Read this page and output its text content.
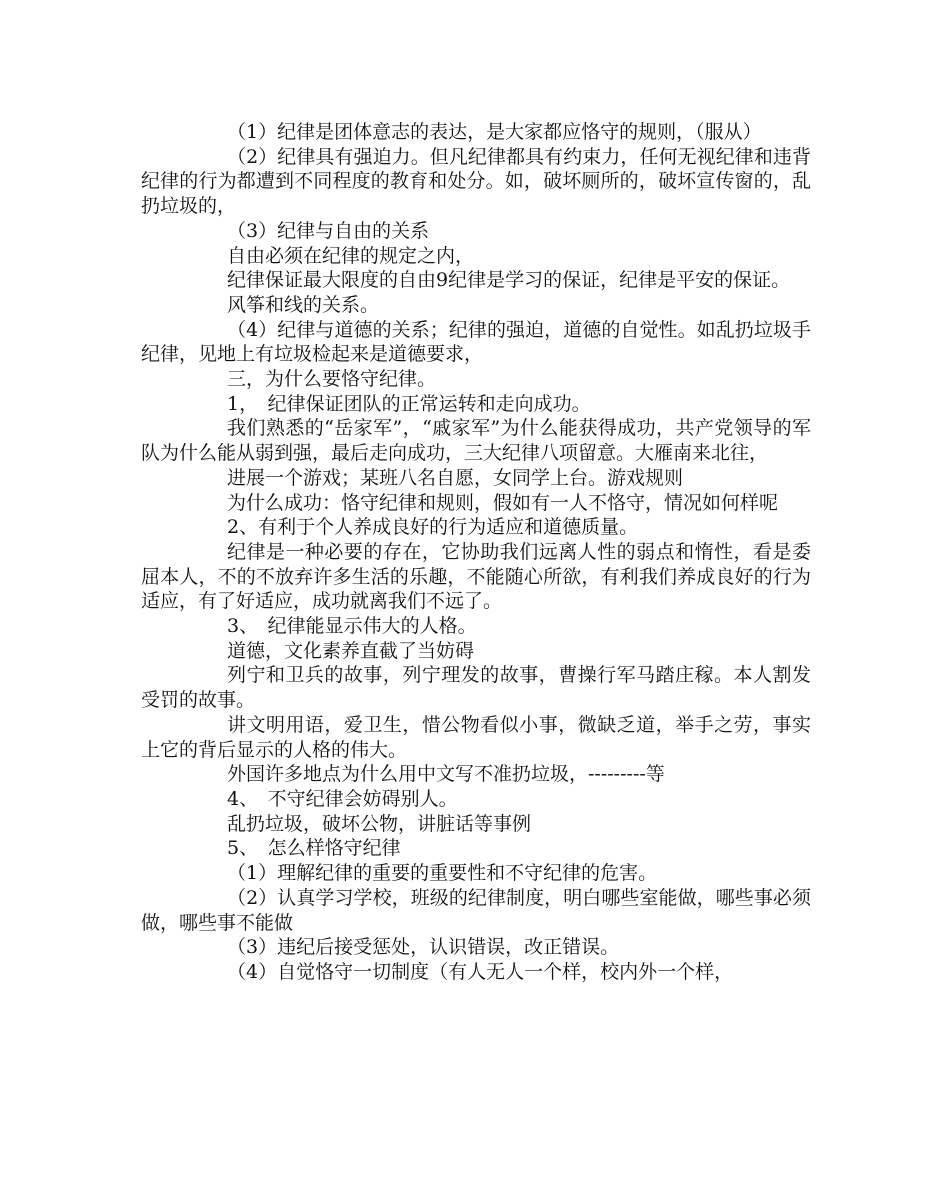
（1）纪律是团体意志的表达，是大家都应恪守的规则，（服从）

（2）纪律具有强迫力。但凡纪律都具有约束力，任何无视纪律和违背纪律的行为都遭到不同程度的教育和处分。如，破坏厕所的，破坏宣传窗的，乱扔垃圾的，

（3）纪律与自由的关系

自由必须在纪律的规定之内，

纪律保证最大限度的自由9纪律是学习的保证，纪律是平安的保证。

风筝和线的关系。

（4）纪律与道德的关系；纪律的强迫，道德的自觉性。如乱扔垃圾手纪律，见地上有垃圾检起来是道德要求，

三，为什么要恪守纪律。

1，　纪律保证团队的正常运转和走向成功。

我们熟悉的“岳家军”，“戚家军”为什么能获得成功，共产党领导的军队为什么能从弱到强，最后走向成功，三大纪律八项留意。大雁南来北往，

进展一个游戏；某班八名自愿，女同学上台。游戏规则

为什么成功：恪守纪律和规则，假如有一人不恪守，情况如何样呢

2、有利于个人养成良好的行为适应和道德质量。

纪律是一种必要的存在，它协助我们远离人性的弱点和惰性，看是委屈本人，不的不放弃许多生活的乐趣，不能随心所欲，有利我们养成良好的行为适应，有了好适应，成功就离我们不远了。

3、　纪律能显示伟大的人格。

道德，文化素养直截了当妨碍

列宁和卫兵的故事，列宁理发的故事，曹操行军马踏庄稼。本人割发受罚的故事。

讲文明用语，爱卫生，惜公物看似小事，微缺乏道，举手之劳，事实上它的背后显示的人格的伟大。

外国许多地点为什么用中文写不准扔垃圾，---------等

4、　不守纪律会妨碍别人。

乱扔垃圾，破坏公物，讲脏话等事例

5、　怎么样恪守纪律

（1）理解纪律的重要的重要性和不守纪律的危害。

（2）认真学习学校，班级的纪律制度，明白哪些室能做，哪些事必须做，哪些事不能做

（3）违纪后接受惩处，认识错误，改正错误。

（4）自觉恪守一切制度（有人无人一个样，校内外一个样，
